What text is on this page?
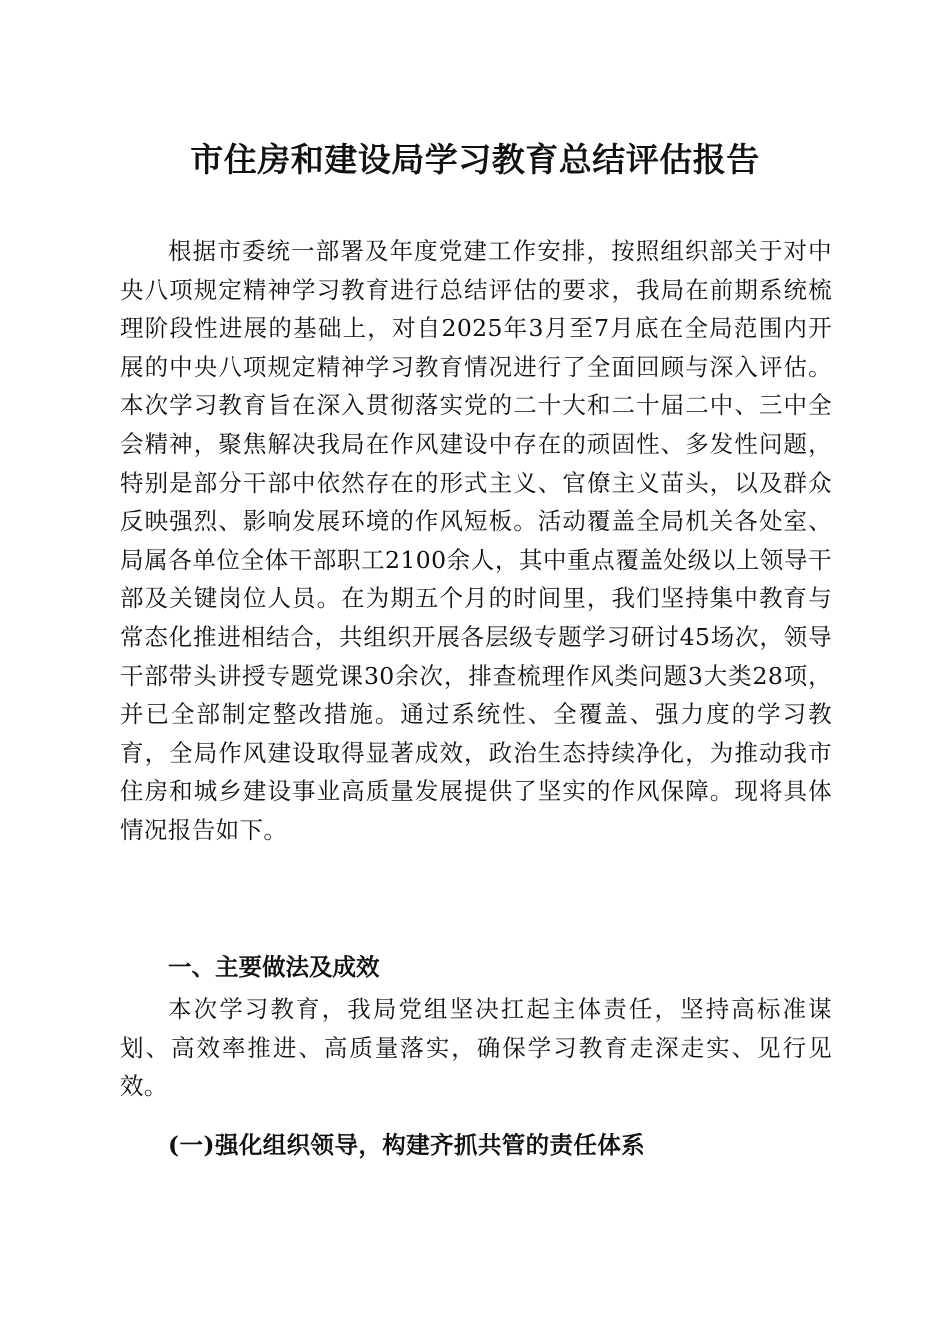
市住房和建设局学习教育总结评估报告

根据市委统一部署及年度党建工作安排，按照组织部关于对中央八项规定精神学习教育进行总结评估的要求，我局在前期系统梳理阶段性进展的基础上，对自2025年3月至7月底在全局范围内开展的中央八项规定精神学习教育情况进行了全面回顾与深入评估。本次学习教育旨在深入贯彻落实党的二十大和二十届二中、三中全会精神，聚焦解决我局在作风建设中存在的顽固性、多发性问题，特别是部分干部中依然存在的形式主义、官僚主义苗头，以及群众反映强烈、影响发展环境的作风短板。活动覆盖全局机关各处室、局属各单位全体干部职工2100余人，其中重点覆盖处级以上领导干部及关键岗位人员。在为期五个月的时间里，我们坚持集中教育与常态化推进相结合，共组织开展各层级专题学习研讨45场次，领导干部带头讲授专题党课30余次，排查梳理作风类问题3大类28项，并已全部制定整改措施。通过系统性、全覆盖、强力度的学习教育，全局作风建设取得显著成效，政治生态持续净化，为推动我市住房和城乡建设事业高质量发展提供了坚实的作风保障。现将具体情况报告如下。

一、主要做法及成效

本次学习教育，我局党组坚决扛起主体责任，坚持高标准谋划、高效率推进、高质量落实，确保学习教育走深走实、见行见效。

(一)强化组织领导，构建齐抓共管的责任体系
